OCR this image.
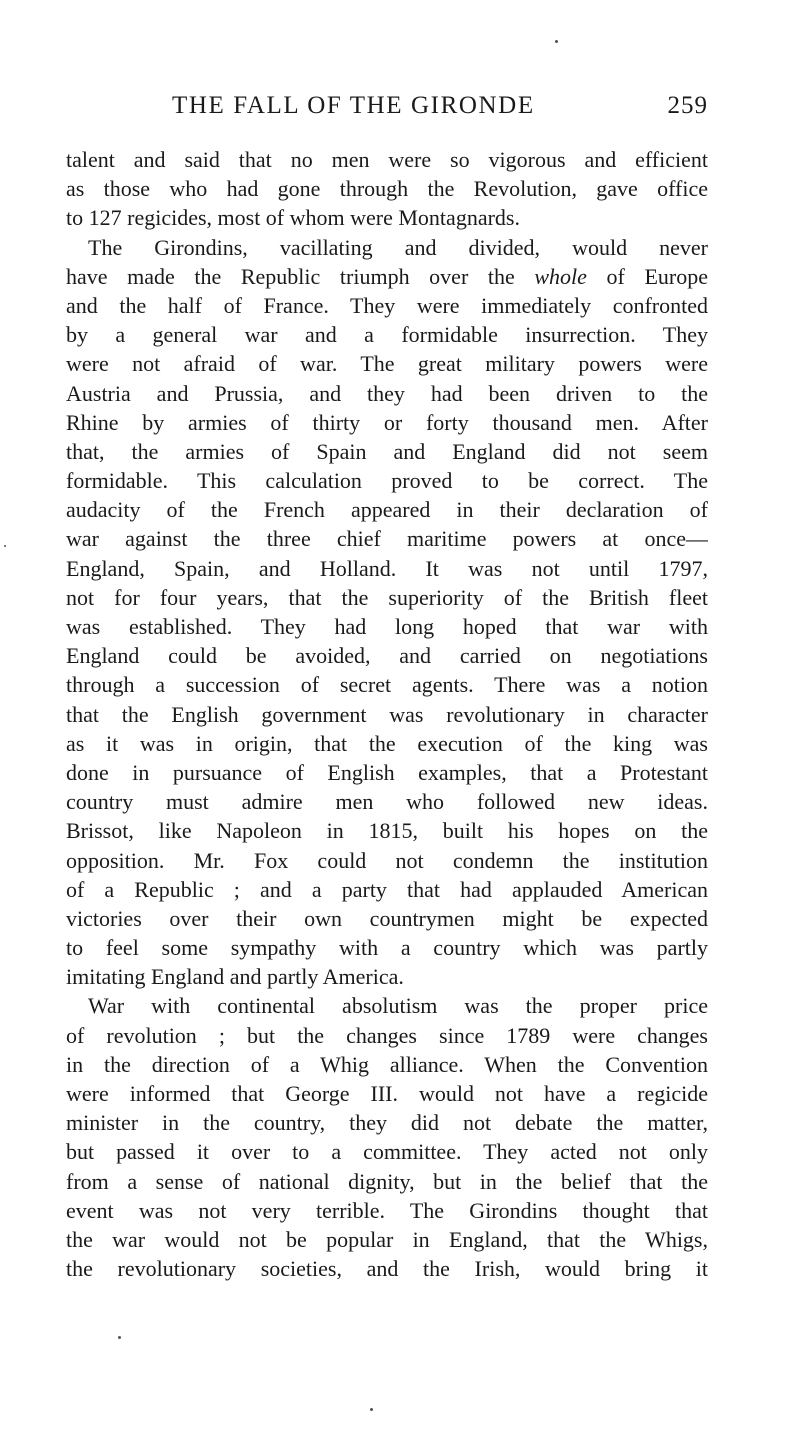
THE FALL OF THE GIRONDE	259
talent and said that no men were so vigorous and efficient
as those who had gone through the Revolution, gave office
to 127 regicides, most of whom were Montagnards.
The Girondins, vacillating and divided, would never
have made the Republic triumph over the whole of Europe
and the half of France. They were immediately confronted
by a general war and a formidable insurrection. They
were not afraid of war. The great military powers were
Austria and Prussia, and they had been driven to the
Rhine by armies of thirty or forty thousand men. After
that, the armies of Spain and England did not seem
formidable. This calculation proved to be correct. The
audacity of the French appeared in their declaration of
war against the three chief maritime powers at once—
England, Spain, and Holland. It was not until 1797,
not for four years, that the superiority of the British fleet
was established. They had long hoped that war with
England could be avoided, and carried on negotiations
through a succession of secret agents. There was a notion
that the English government was revolutionary in character
as it was in origin, that the execution of the king was
done in pursuance of English examples, that a Protestant
country must admire men who followed new ideas.
Brissot, like Napoleon in 1815, built his hopes on the
opposition. Mr. Fox could not condemn the institution
of a Republic ; and a party that had applauded American
victories over their own countrymen might be expected
to feel some sympathy with a country which was partly
imitating England and partly America.
War with continental absolutism was the proper price
of revolution ; but the changes since 1789 were changes
in the direction of a Whig alliance. When the Convention
were informed that George III. would not have a regicide
minister in the country, they did not debate the matter,
but passed it over to a committee. They acted not only
from a sense of national dignity, but in the belief that the
event was not very terrible. The Girondins thought that
the war would not be popular in England, that the Whigs,
the revolutionary societies, and the Irish, would bring it
